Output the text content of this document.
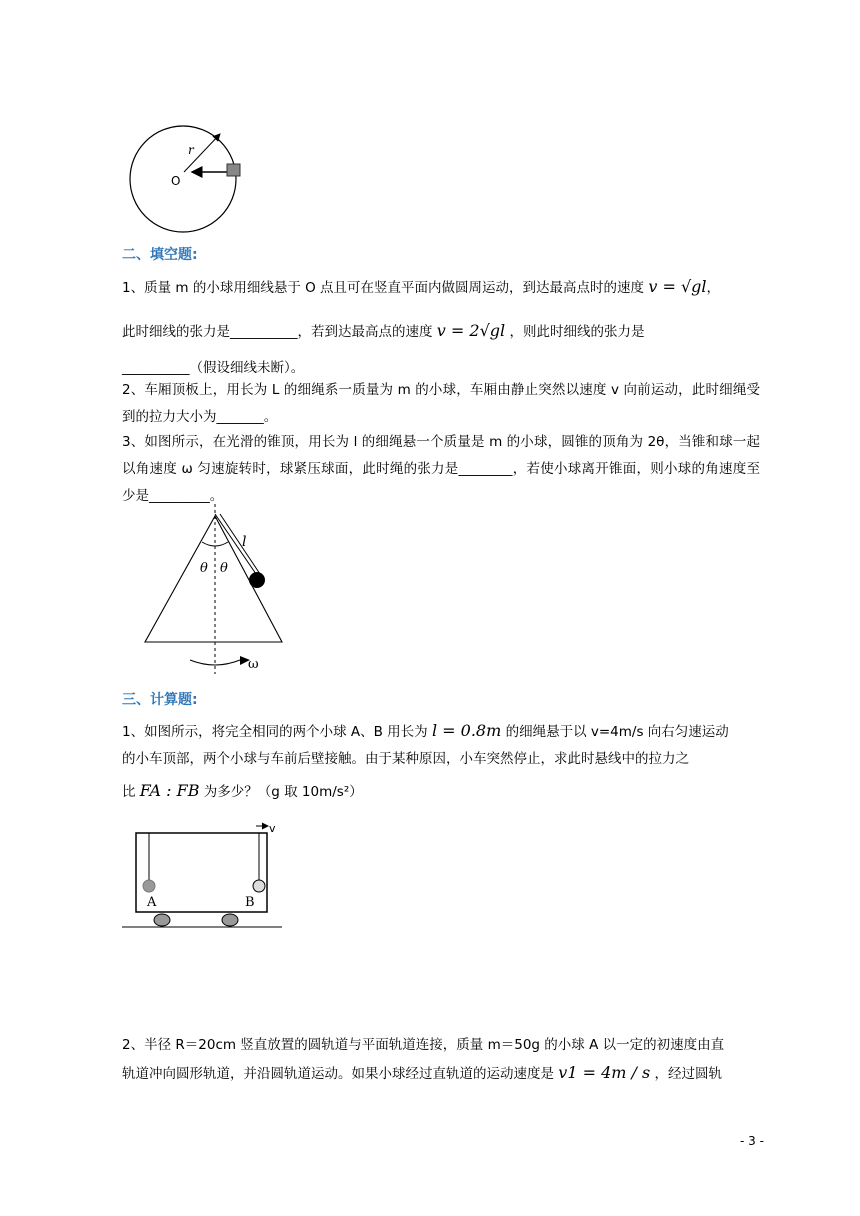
O
r
二、填空题:
1、质量 m 的小球用细线悬于 O 点且可在竖直平面内做圆周运动，到达最高点时的速度 v = √gl，
此时细线的张力是__________，若到达最高点的速度 v = 2√gl ，则此时细线的张力是
__________（假设细线未断）。
2、车厢顶板上，用长为 L 的细绳系一质量为 m 的小球，车厢由静止突然以速度 v 向前运动，此时细绳受到的拉力大小为_______。
3、如图所示，在光滑的锥顶，用长为 l 的细绳悬一个质量是 m 的小球，圆锥的顶角为 2θ，当锥和球一起以角速度 ω 匀速旋转时，球紧压球面，此时绳的张力是________，若使小球离开锥面，则小球的角速度至少是_________。
θ θ
l
ω
三、计算题:
1、如图所示，将完全相同的两个小球 A、B 用长为 l = 0.8m 的细绳悬于以 v=4m/s 向右匀速运动
的小车顶部，两个小球与车前后壁接触。由于某种原因，小车突然停止，求此时悬线中的拉力之
比 FA : FB 为多少？（g 取 10m/s²）
v
A	B
2、半径 R＝20cm 竖直放置的圆轨道与平面轨道连接，质量 m＝50g 的小球 A 以一定的初速度由直
轨道冲向圆形轨道，并沿圆轨道运动。如果小球经过直轨道的运动速度是 v1 = 4m / s ，经过圆轨
- 3 -
